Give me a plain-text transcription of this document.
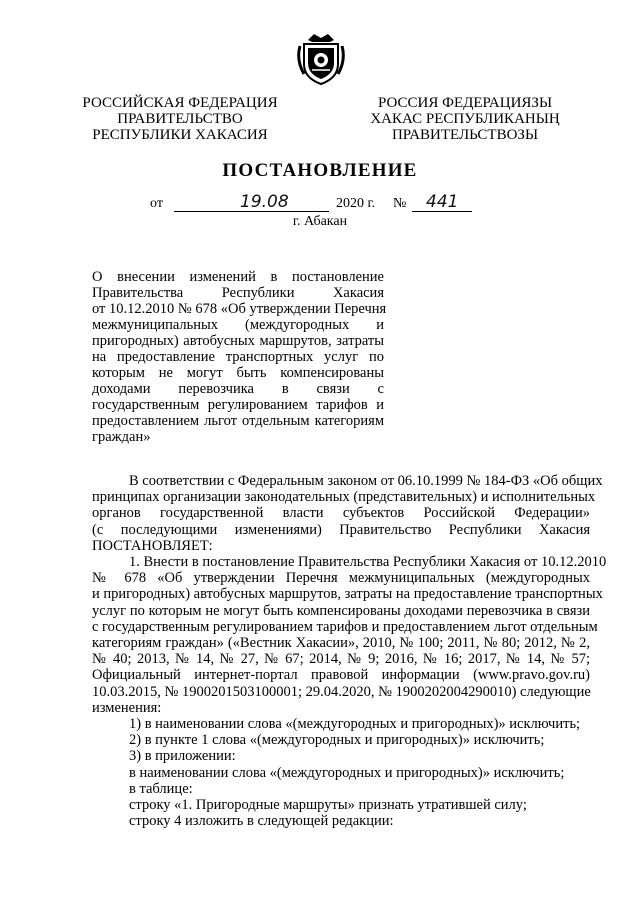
РОССИЙСКАЯ ФЕДЕРАЦИЯ
ПРАВИТЕЛЬСТВО
РЕСПУБЛИКИ ХАКАСИЯ
РОССИЯ ФЕДЕРАЦИЯЗЫ
ХАКАС РЕСПУБЛИКАНЫҢ
ПРАВИТЕЛЬСТВОЗЫ
ПОСТАНОВЛЕНИЕ
от	19.08	2020 г. № 441
г. Абакан
О внесении изменений в постановление
Правительства Республики Хакасия
от 10.12.2010 № 678 «Об утверждении Перечня
межмуниципальных (междугородных и
пригородных) автобусных маршрутов, затраты
на предоставление транспортных услуг по
которым не могут быть компенсированы
доходами перевозчика в связи с
государственным регулированием тарифов и
предоставлением льгот отдельным категориям
граждан»
В соответствии с Федеральным законом от 06.10.1999 № 184-ФЗ «Об общих
принципах организации законодательных (представительных) и исполнительных
органов государственной власти субъектов Российской Федерации»
(с последующими изменениями) Правительство Республики Хакасия
ПОСТАНОВЛЯЕТ:
1. Внести в постановление Правительства Республики Хакасия от 10.12.2010
№ 678 «Об утверждении Перечня межмуниципальных (междугородных
и пригородных) автобусных маршрутов, затраты на предоставление транспортных
услуг по которым не могут быть компенсированы доходами перевозчика в связи
с государственным регулированием тарифов и предоставлением льгот отдельным
категориям граждан» («Вестник Хакасии», 2010, № 100; 2011, № 80; 2012, № 2,
№ 40; 2013, № 14, № 27, № 67; 2014, № 9; 2016, № 16; 2017, № 14, № 57;
Официальный интернет-портал правовой информации (www.pravo.gov.ru)
10.03.2015, № 1900201503100001; 29.04.2020, № 1900202004290010) следующие
изменения:
1) в наименовании слова «(междугородных и пригородных)» исключить;
2) в пункте 1 слова «(междугородных и пригородных)» исключить;
3) в приложении:
в наименовании слова «(междугородных и пригородных)» исключить;
в таблице:
строку «1. Пригородные маршруты» признать утратившей силу;
строку 4 изложить в следующей редакции:
